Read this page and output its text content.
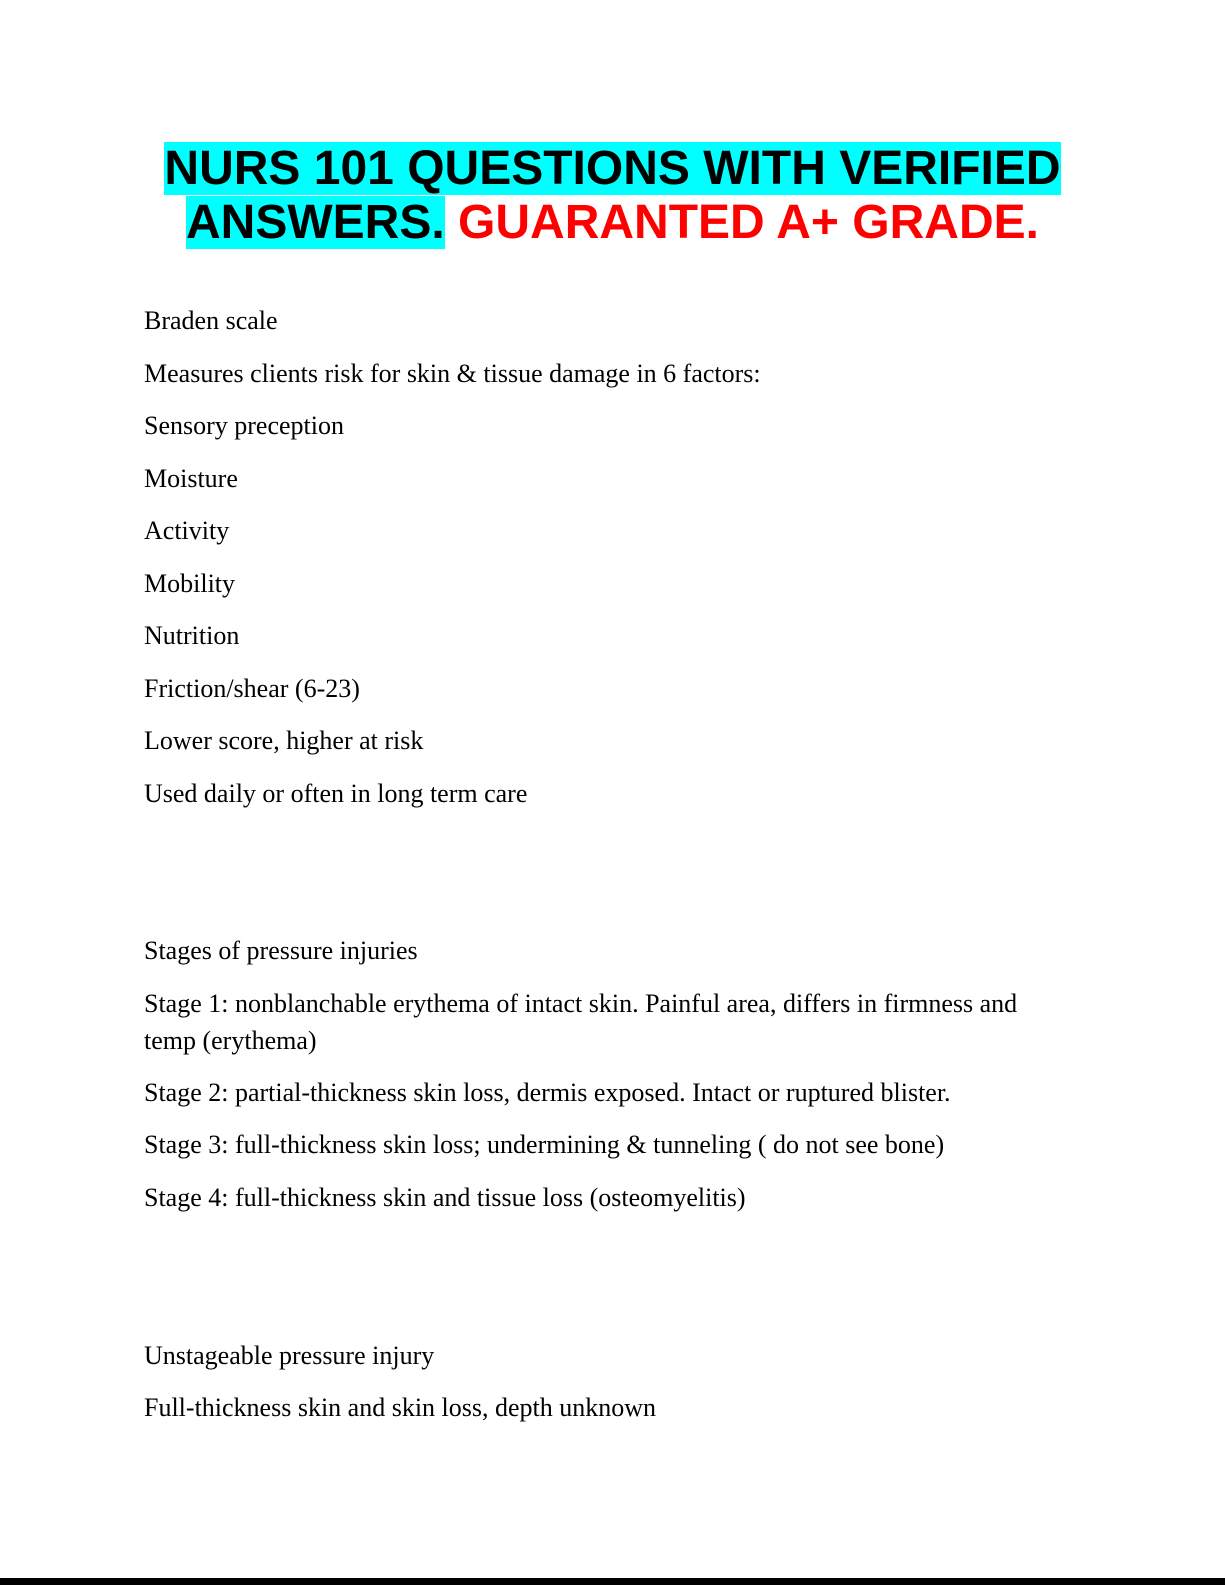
NURS 101 QUESTIONS WITH VERIFIED
ANSWERS. GUARANTED A+ GRADE.

Braden scale

Measures clients risk for skin & tissue damage in 6 factors:

Sensory preception

Moisture

Activity

Mobility

Nutrition

Friction/shear (6-23)

Lower score, higher at risk

Used daily or often in long term care

Stages of pressure injuries

Stage 1: nonblanchable erythema of intact skin. Painful area, differs in firmness and temp (erythema)

Stage 2: partial-thickness skin loss, dermis exposed. Intact or ruptured blister.

Stage 3: full-thickness skin loss; undermining & tunneling ( do not see bone)

Stage 4: full-thickness skin and tissue loss (osteomyelitis)

Unstageable pressure injury

Full-thickness skin and skin loss, depth unknown
